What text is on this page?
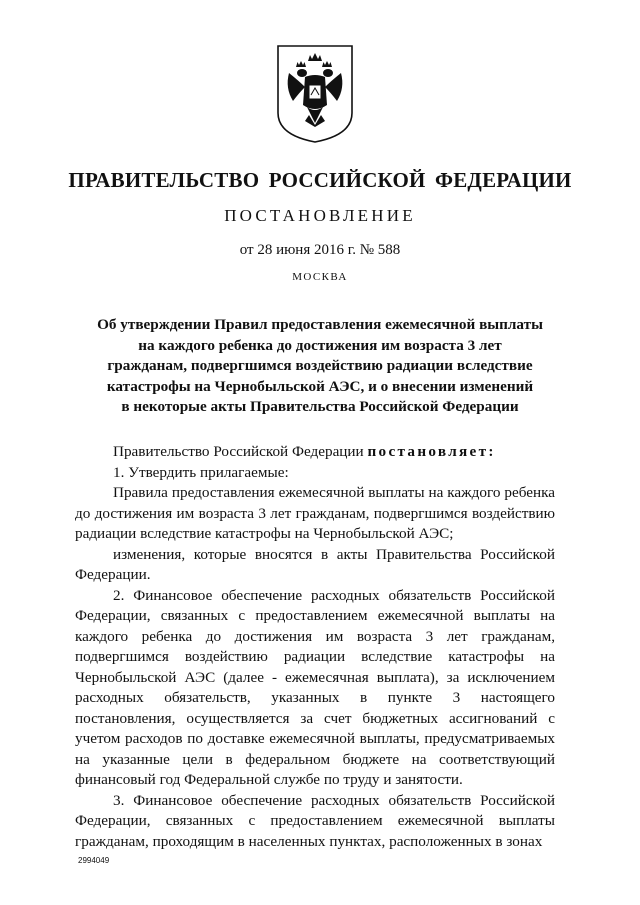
ПРАВИТЕЛЬСТВО РОССИЙСКОЙ ФЕДЕРАЦИИ
ПОСТАНОВЛЕНИЕ
от 28 июня 2016 г. № 588
МОСКВА
Об утверждении Правил предоставления ежемесячной выплаты
на каждого ребенка до достижения им возраста 3 лет
гражданам, подвергшимся воздействию радиации вследствие
катастрофы на Чернобыльской АЭС, и о внесении изменений
в некоторые акты Правительства Российской Федерации
Правительство Российской Федерации постановляет:
1. Утвердить прилагаемые:
Правила предоставления ежемесячной выплаты на каждого ребенка до достижения им возраста 3 лет гражданам, подвергшимся воздействию радиации вследствие катастрофы на Чернобыльской АЭС;
изменения, которые вносятся в акты Правительства Российской Федерации.
2. Финансовое обеспечение расходных обязательств Российской Федерации, связанных с предоставлением ежемесячной выплаты на каждого ребенка до достижения им возраста 3 лет гражданам, подвергшимся воздействию радиации вследствие катастрофы на Чернобыльской АЭС (далее - ежемесячная выплата), за исключением расходных обязательств, указанных в пункте 3 настоящего постановления, осуществляется за счет бюджетных ассигнований с учетом расходов по доставке ежемесячной выплаты, предусматриваемых на указанные цели в федеральном бюджете на соответствующий финансовый год Федеральной службе по труду и занятости.
3. Финансовое обеспечение расходных обязательств Российской Федерации, связанных с предоставлением ежемесячной выплаты гражданам, проходящим в населенных пунктах, расположенных в зонах
2994049
